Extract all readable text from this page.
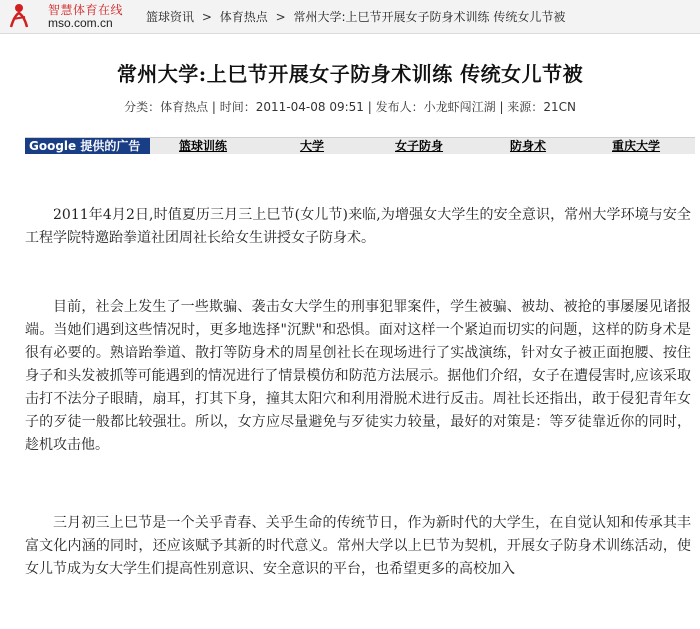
智慧体育在线
mso.com.cn	篮球资讯 > 体育热点 > 常州大学:上巳节开展女子防身术训练 传统女儿节被
常州大学:上巳节开展女子防身术训练 传统女儿节被
分类：体育热点 | 时间：2011-04-08 09:51 | 发布人：小龙虾闯江湖 | 来源：21CN
Google 提供的广告	篮球训练	大学	女子防身	防身术	重庆大学

2011年4月2日,时值夏历三月三上巳节(女儿节)来临,为增强女大学生的安全意识，常州大学环境与安全工程学院特邀跆拳道社团周社长给女生讲授女子防身术。

目前，社会上发生了一些欺骗、袭击女大学生的刑事犯罪案件，学生被骗、被劫、被抢的事屡屡见诸报端。当她们遇到这些情况时，更多地选择"沉默"和恐惧。面对这样一个紧迫而切实的问题，这样的防身术是很有必要的。熟谙跆拳道、散打等防身术的周星创社长在现场进行了实战演练，针对女子被正面抱腰、按住身子和头发被抓等可能遇到的情况进行了情景模仿和防范方法展示。据他们介绍，女子在遭侵害时,应该采取击打不法分子眼睛，扇耳，打其下身，撞其太阳穴和利用滑脱术进行反击。周社长还指出，敢于侵犯青年女子的歹徒一般都比较强壮。所以，女方应尽量避免与歹徒实力较量，最好的对策是：等歹徒靠近你的同时，趁机攻击他。

三月初三上巳节是一个关乎青春、关乎生命的传统节日，作为新时代的大学生，在自觉认知和传承其丰富文化内涵的同时，还应该赋予其新的时代意义。常州大学以上巳节为契机，开展女子防身术训练活动，使女儿节成为女大学生们提高性别意识、安全意识的平台，也希望更多的高校加入
